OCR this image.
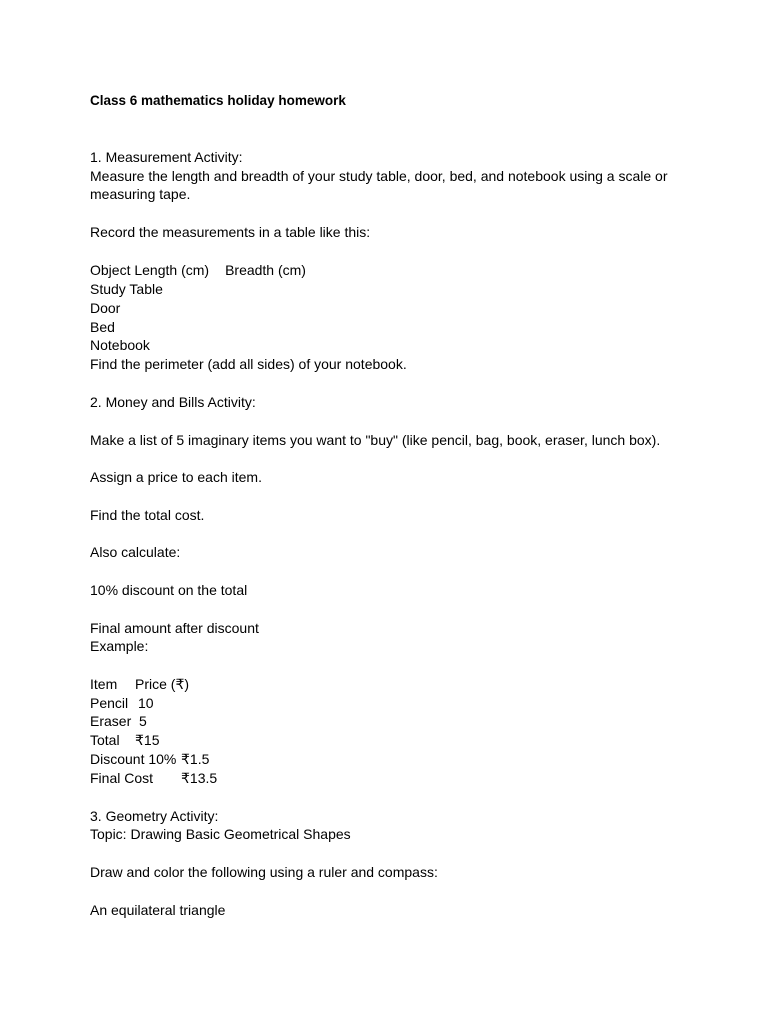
Class 6 mathematics holiday homework

1. Measurement Activity:

Measure the length and breadth of your study table, door, bed, and notebook using a scale or measuring tape.

Record the measurements in a table like this:

Object Length (cm) Breadth (cm)

Study Table

Door

Bed

Notebook

Find the perimeter (add all sides) of your notebook.

2. Money and Bills Activity:

Make a list of 5 imaginary items you want to "buy" (like pencil, bag, book, eraser, lunch box).

Assign a price to each item.

Find the total cost.

Also calculate:

10% discount on the total

Final amount after discount

Example:

Item Price (₹)

Pencil 10

Eraser 5

Total ₹15

Discount 10% ₹1.5

Final Cost ₹13.5

3. Geometry Activity:

Topic: Drawing Basic Geometrical Shapes

Draw and color the following using a ruler and compass:

An equilateral triangle
